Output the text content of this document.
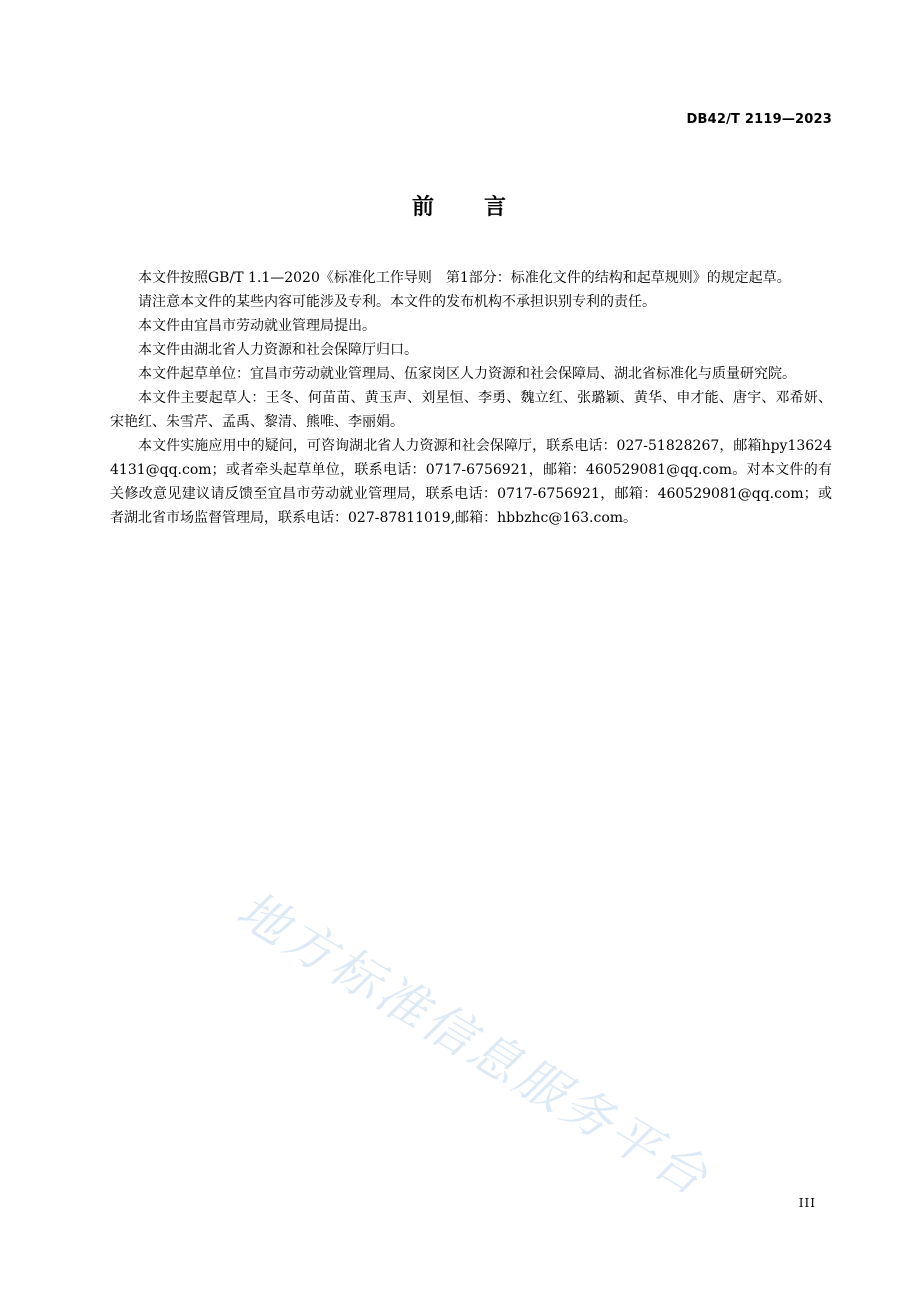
DB42/T 2119—2023
前　　言

本文件按照GB/T 1.1—2020《标准化工作导则　第1部分：标准化文件的结构和起草规则》的规定起草。

请注意本文件的某些内容可能涉及专利。本文件的发布机构不承担识别专利的责任。

本文件由宜昌市劳动就业管理局提出。

本文件由湖北省人力资源和社会保障厅归口。

本文件起草单位：宜昌市劳动就业管理局、伍家岗区人力资源和社会保障局、湖北省标准化与质量研究院。

本文件主要起草人：王冬、何苗苗、黄玉声、刘星恒、李勇、魏立红、张璐颖、黄华、申才能、唐宇、邓希妍、宋艳红、朱雪芹、孟禹、黎清、熊唯、李丽娟。

本文件实施应用中的疑问，可咨询湖北省人力资源和社会保障厅，联系电话：027-51828267，邮箱hpy136244131@qq.com；或者牵头起草单位，联系电话：0717-6756921，邮箱：460529081@qq.com。对本文件的有关修改意见建议请反馈至宜昌市劳动就业管理局，联系电话：0717-6756921，邮箱：460529081@qq.com；或者湖北省市场监督管理局，联系电话：027-87811019,邮箱：hbbzhc@163.com。

地方标准信息服务平台	III
